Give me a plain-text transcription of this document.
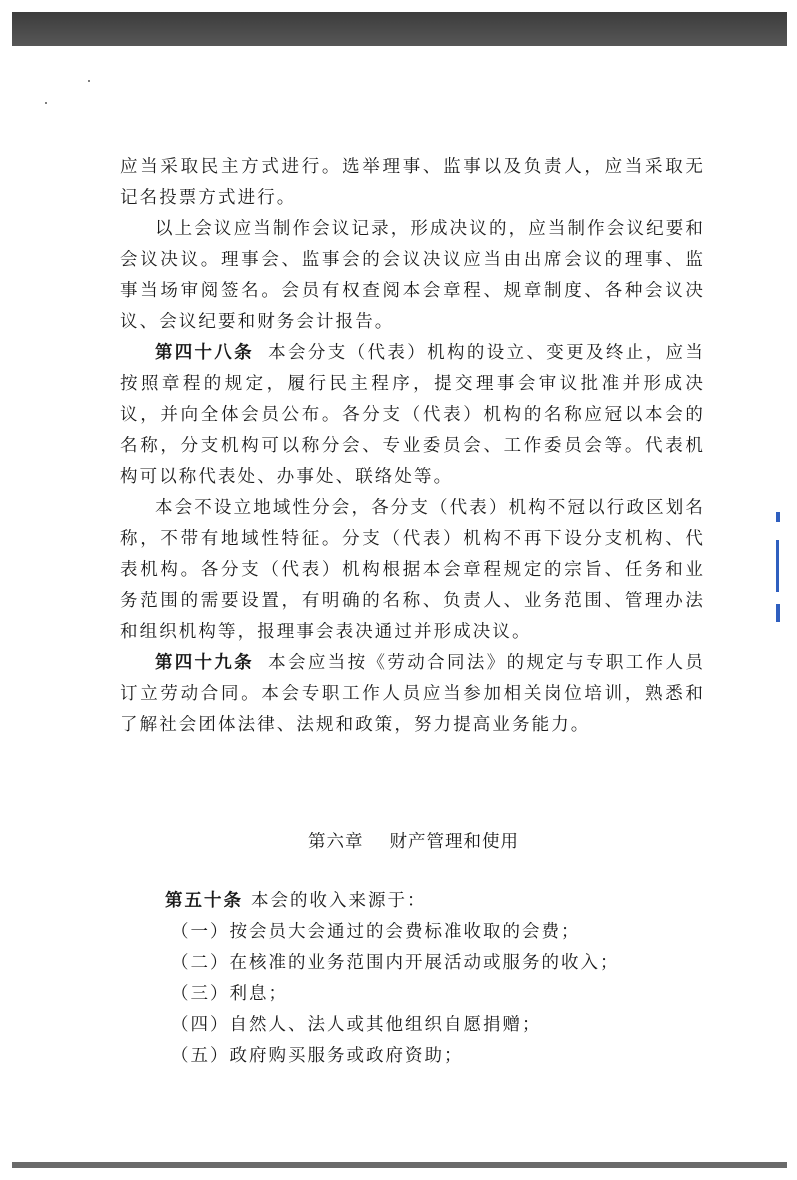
应当采取民主方式进行。选举理事、监事以及负责人，应当采取无记名投票方式进行。

以上会议应当制作会议记录，形成决议的，应当制作会议纪要和会议决议。理事会、监事会的会议决议应当由出席会议的理事、监事当场审阅签名。会员有权查阅本会章程、规章制度、各种会议决议、会议纪要和财务会计报告。

第四十八条 本会分支（代表）机构的设立、变更及终止，应当按照章程的规定，履行民主程序，提交理事会审议批准并形成决议，并向全体会员公布。各分支（代表）机构的名称应冠以本会的名称，分支机构可以称分会、专业委员会、工作委员会等。代表机构可以称代表处、办事处、联络处等。

本会不设立地域性分会，各分支（代表）机构不冠以行政区划名称，不带有地域性特征。分支（代表）机构不再下设分支机构、代表机构。各分支（代表）机构根据本会章程规定的宗旨、任务和业务范围的需要设置，有明确的名称、负责人、业务范围、管理办法和组织机构等，报理事会表决通过并形成决议。

第四十九条 本会应当按《劳动合同法》的规定与专职工作人员订立劳动合同。本会专职工作人员应当参加相关岗位培训，熟悉和了解社会团体法律、法规和政策，努力提高业务能力。

第六章 财产管理和使用
第五十条 本会的收入来源于：
（一）按会员大会通过的会费标准收取的会费；
（二）在核准的业务范围内开展活动或服务的收入；
（三）利息；
（四）自然人、法人或其他组织自愿捐赠；
（五）政府购买服务或政府资助；
